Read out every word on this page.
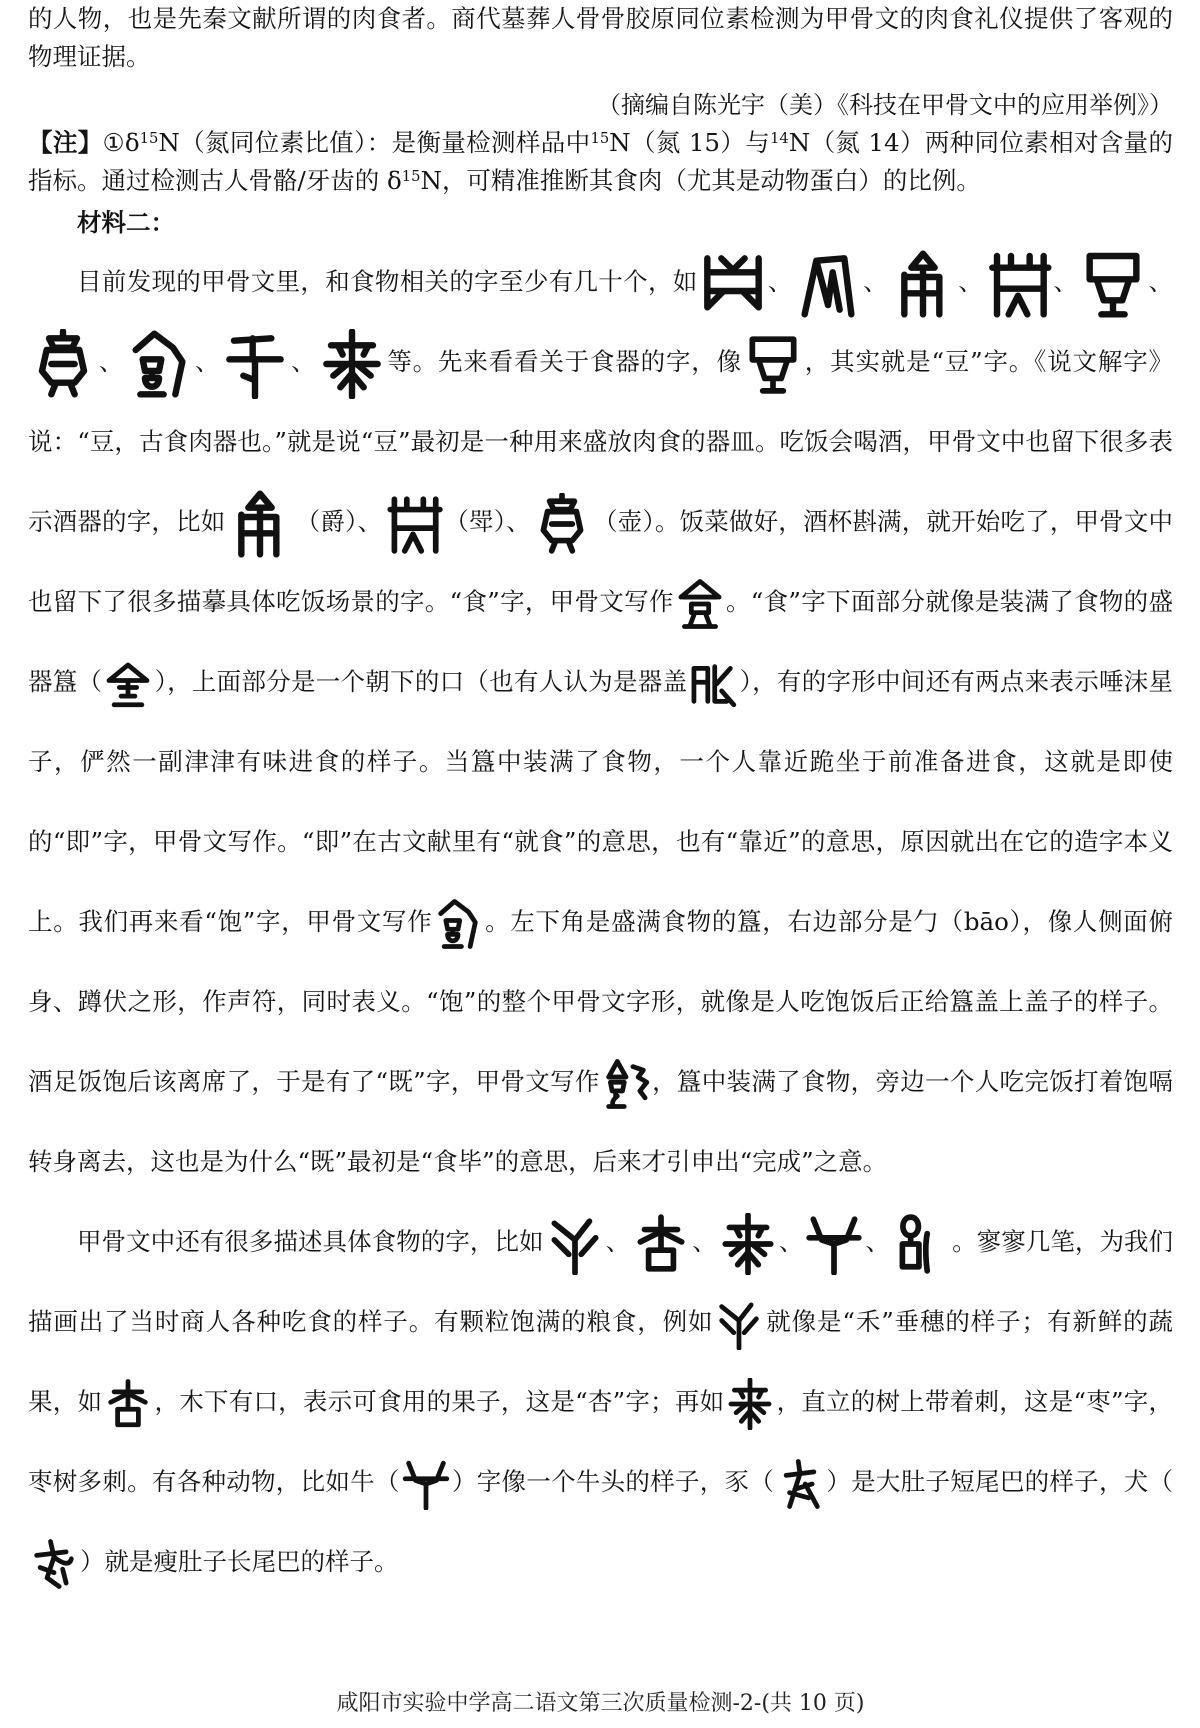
的人物，也是先秦文献所谓的肉食者。商代墓葬人骨骨胶原同位素检测为甲骨文的肉食礼仪提供了客观的物理证据。

（摘编自陈光宇（美）《科技在甲骨文中的应用举例》）

【注】$①\delta^{15}N$（氮同位素比值）：是衡量检测样品中$^{15}$N（氮 15）与$^{14}$N（氮 14）两种同位素相对含量的指标。通过检测古人骨骼/牙齿的 $\delta^{15}N$，可精准推断其食肉（尤其是动物蛋白）的比例。

材料二：

目前发现的甲骨文里，和食物相关的字至少有几十个，如	、	、	、	、	、
、	、	、	等。先来看看关于食器的字，像	，其实就是“豆”字。《说文解字》说：“豆，古食肉器也。”就是说“豆”最初是一种用来盛放肉食的器皿。吃饭会喝酒，甲骨文中也留下很多表示酒器的字，比如	（爵）、	（斝）、	（壶）。饭菜做好，酒杯斟满，就开始吃了，甲骨文中也留下了很多描摹具体吃饭场景的字。“食”字，甲骨文写作 。“食”字下面部分就像是装满了食物的盛器簋（ ），上面部分是一个朝下的口（也有人认为是器盖 ），有的字形中间还有两点来表示唾沫星子，俨然一副津津有味进食的样子。当簋中装满了食物，一个人靠近跪坐于前准备进食，这就是即使的“即”字，甲骨文写作。“即”在古文献里有“就食”的意思，也有“靠近”的意思，原因就出在它的造字本义上。我们再来看“饱”字，甲骨文写作 。左下角是盛满食物的簋，右边部分是勹（bāo），像人侧面俯身、蹲伏之形，作声符，同时表义。“饱”的整个甲骨文字形，就像是人吃饱饭后正给簋盖上盖子的样子。酒足饭饱后该离席了，于是有了“既”字，甲骨文写作 ，簋中装满了食物，旁边一个人吃完饭打着饱嗝转身离去，这也是为什么“既”最初是“食毕”的意思，后来才引申出“完成”之意。

甲骨文中还有很多描述具体食物的字，比如	、	、	、	、	。寥寥几笔，为我们描画出了当时商人各种吃食的样子。有颗粒饱满的粮食，例如 就像是“禾”垂穗的样子；有新鲜的蔬果，如 ，木下有口，表示可食用的果子，这是“杏”字；再如 ，直立的树上带着刺，这是“枣”字，枣树多刺。有各种动物，比如牛（ ）字像一个牛头的样子，豕（ ）是大肚子短尾巴的样子，犬（
）就是瘦肚子长尾巴的样子。

咸阳市实验中学高二语文第三次质量检测-2-(共 10 页)
